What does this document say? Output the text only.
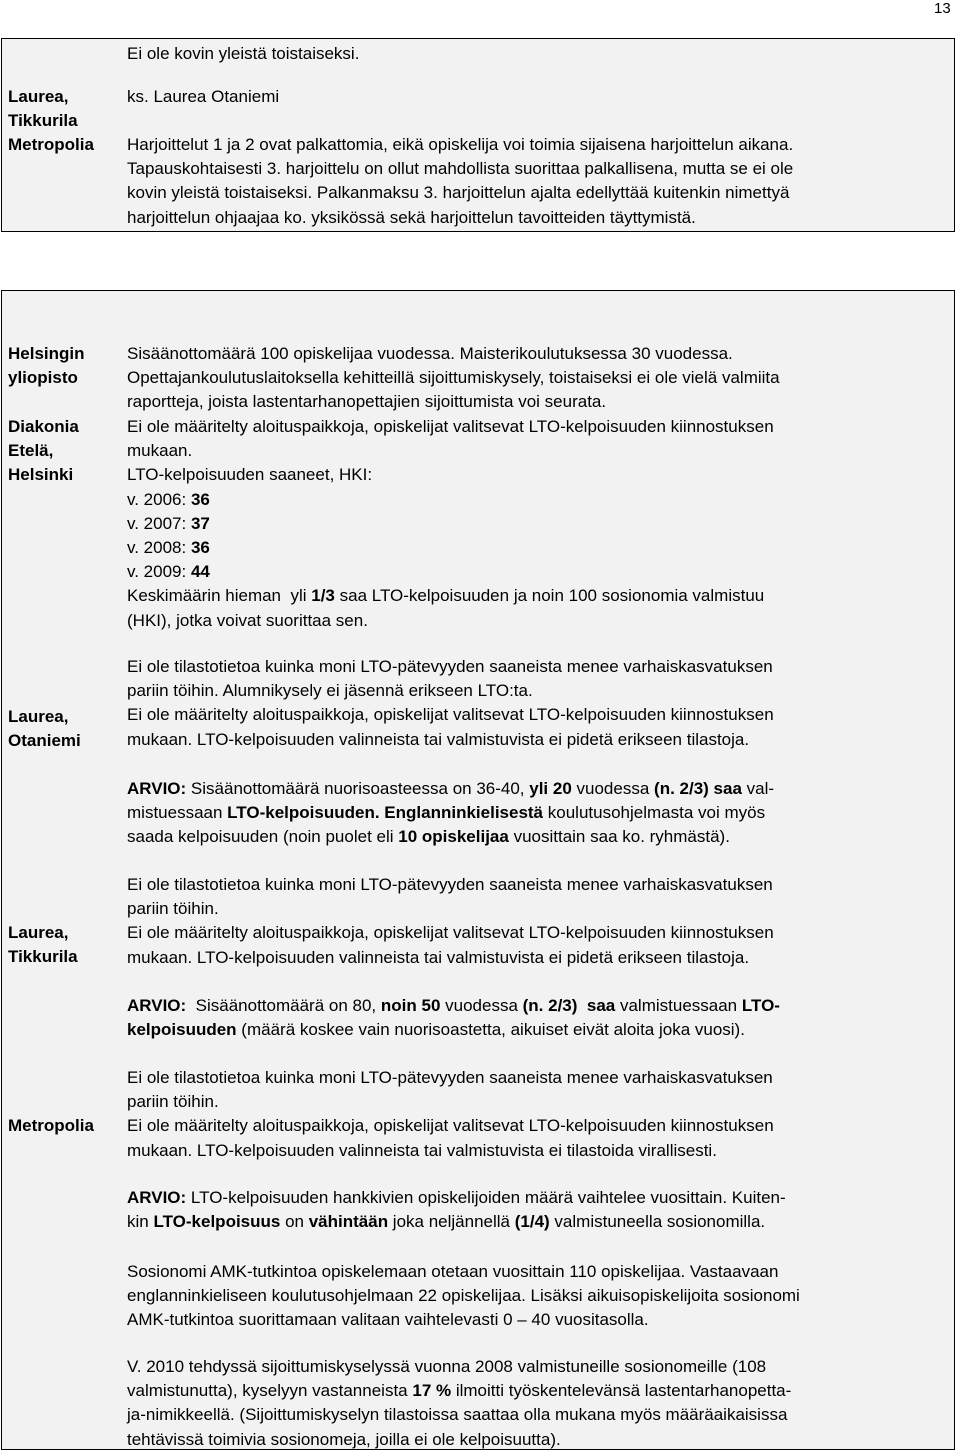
13
Ei ole kovin yleistä toistaiseksi.
Laurea,
Tikkurila
ks. Laurea Otaniemi
Metropolia Harjoittelut 1 ja 2 ovat palkattomia, eikä opiskelija voi toimia sijaisena harjoittelun aikana.
Tapauskohtaisesti 3. harjoittelu on ollut mahdollista suorittaa palkallisena, mutta se ei ole
kovin yleistä toistaiseksi. Palkanmaksu 3. harjoittelun ajalta edellyttää kuitenkin nimettyä
harjoittelun ohjaajaa ko. yksikössä sekä harjoittelun tavoitteiden täyttymistä.
Helsingin
yliopisto
Sisäänottomäärä 100 opiskelijaa vuodessa. Maisterikoulutuksessa 30 vuodessa.
Opettajankoulutuslaitoksella kehitteillä sijoittumiskysely, toistaiseksi ei ole vielä valmiita
raportteja, joista lastentarhanopettajien sijoittumista voi seurata.
Diakonia
Etelä,
Helsinki
Ei ole määritelty aloituspaikkoja, opiskelijat valitsevat LTO-kelpoisuuden kiinnostuksen
mukaan.
LTO-kelpoisuuden saaneet, HKI:
v. 2006: 36
v. 2007: 37
v. 2008: 36
v. 2009: 44
Keskimäärin hieman  yli 1/3 saa LTO-kelpoisuuden ja noin 100 sosionomia valmistuu
(HKI), jotka voivat suorittaa sen.
Ei ole tilastotietoa kuinka moni LTO-pätevyyden saaneista menee varhaiskasvatuksen
pariin töihin. Alumnikysely ei jäsennä erikseen LTO:ta.
Ei ole määritelty aloituspaikkoja, opiskelijat valitsevat LTO-kelpoisuuden kiinnostuksen
mukaan. LTO-kelpoisuuden valinneista tai valmistuvista ei pidetä erikseen tilastoja.
Laurea,
Otaniemi
ARVIO: Sisäänottomäärä nuorisoasteessa on 36-40, yli 20 vuodessa (n. 2/3) saa val-
mistuessaan LTO-kelpoisuuden. Englanninkielisestä koulutusohjelmasta voi myös
saada kelpoisuuden (noin puolet eli 10 opiskelijaa vuosittain saa ko. ryhmästä).
Ei ole tilastotietoa kuinka moni LTO-pätevyyden saaneista menee varhaiskasvatuksen
pariin töihin.
Ei ole määritelty aloituspaikkoja, opiskelijat valitsevat LTO-kelpoisuuden kiinnostuksen
mukaan. LTO-kelpoisuuden valinneista tai valmistuvista ei pidetä erikseen tilastoja.
Laurea,
Tikkurila
ARVIO:  Sisäänottomäärä on 80, noin 50 vuodessa (n. 2/3)  saa valmistuessaan LTO-
kelpoisuuden (määrä koskee vain nuorisoastetta, aikuiset eivät aloita joka vuosi).
Ei ole tilastotietoa kuinka moni LTO-pätevyyden saaneista menee varhaiskasvatuksen
pariin töihin.
Ei ole määritelty aloituspaikkoja, opiskelijat valitsevat LTO-kelpoisuuden kiinnostuksen
mukaan. LTO-kelpoisuuden valinneista tai valmistuvista ei tilastoida virallisesti.
Metropolia
ARVIO: LTO-kelpoisuuden hankkivien opiskelijoiden määrä vaihtelee vuosittain. Kuiten-
kin LTO-kelpoisuus on vähintään joka neljännellä (1/4) valmistuneella sosionomilla.
Sosionomi AMK-tutkintoa opiskelemaan otetaan vuosittain 110 opiskelijaa. Vastaavaan
englanninkieliseen koulutusohjelmaan 22 opiskelijaa. Lisäksi aikuisopiskelijoita sosionomi
AMK-tutkintoa suorittamaan valitaan vaihtelevasti 0 – 40 vuositasolla.
V. 2010 tehdyssä sijoittumiskyselyssä vuonna 2008 valmistuneille sosionomeille (108
valmistunutta), kyselyyn vastanneista 17 % ilmoitti työskentelevänsä lastentarhanopetta-
ja-nimikkeellä. (Sijoittumiskyselyn tilastoissa saattaa olla mukana myös määräaikaisissa
tehtävissä toimivia sosionomeja, joilla ei ole kelpoisuutta).
